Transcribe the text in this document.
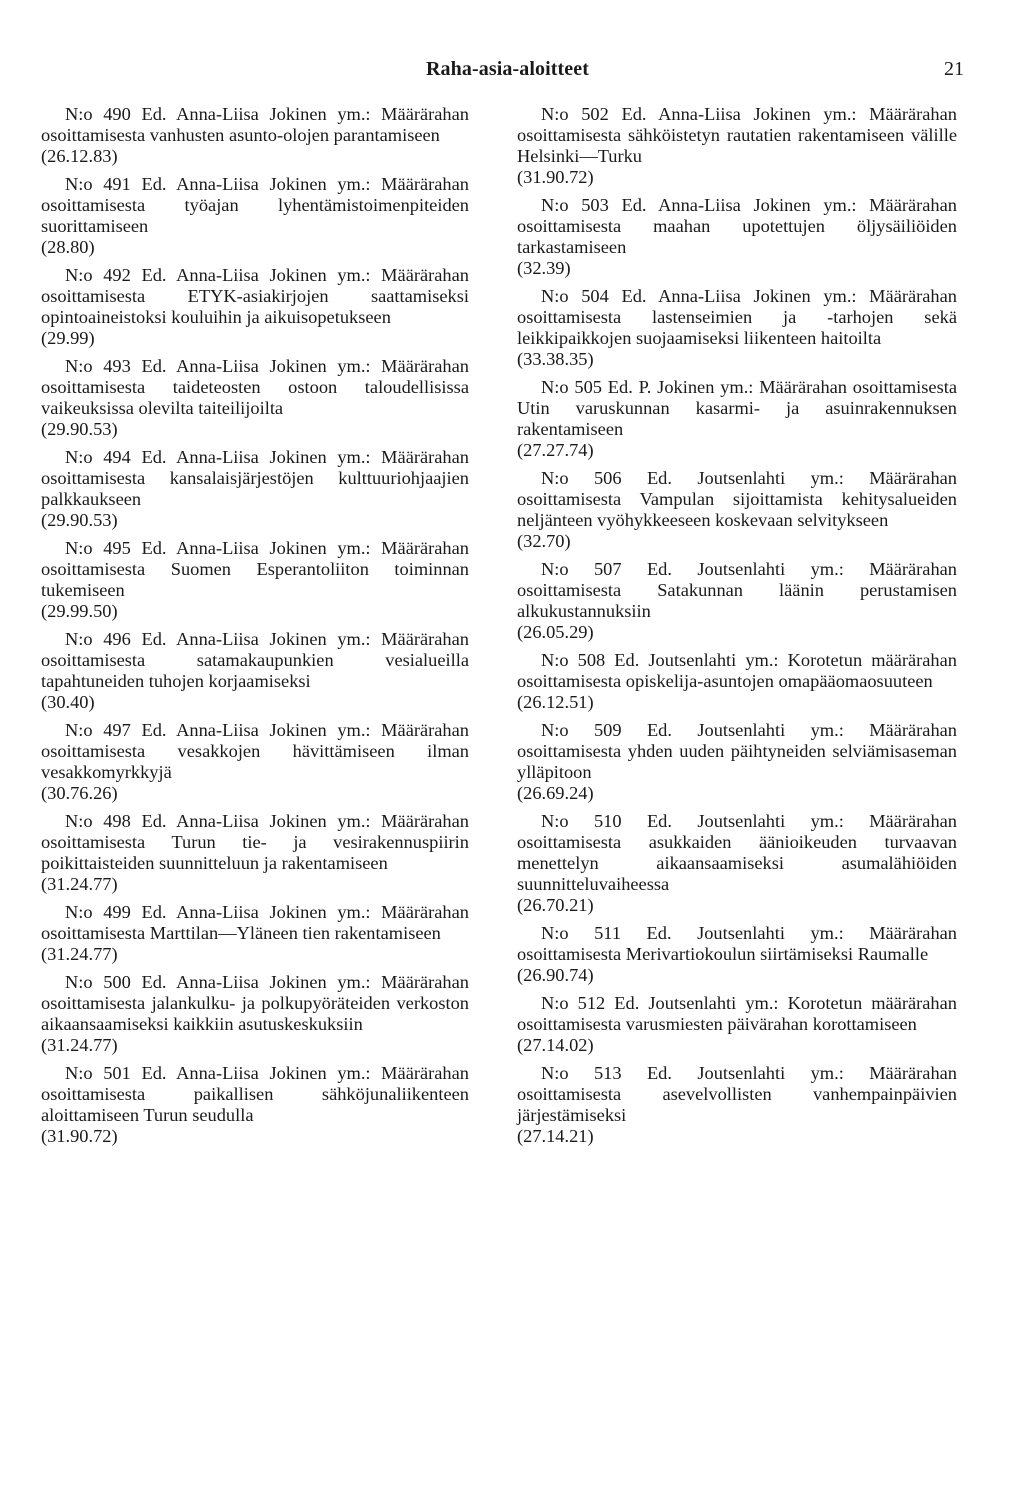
Raha-asia-aloitteet	21

N:o 490 Ed. Anna-Liisa Jokinen ym.: Määrärahan osoittamisesta vanhusten asunto-olojen parantamiseen

(26.12.83)

N:o 491 Ed. Anna-Liisa Jokinen ym.: Määrärahan osoittamisesta työajan lyhentämistoimenpiteiden suorittamiseen

(28.80)

N:o 492 Ed. Anna-Liisa Jokinen ym.: Määrärahan osoittamisesta ETYK-asiakirjojen saattamiseksi opintoaineistoksi kouluihin ja aikuisopetukseen

(29.99)

N:o 493 Ed. Anna-Liisa Jokinen ym.: Määrärahan osoittamisesta taideteosten ostoon taloudellisissa vaikeuksissa olevilta taiteilijoilta

(29.90.53)

N:o 494 Ed. Anna-Liisa Jokinen ym.: Määrärahan osoittamisesta kansalaisjärjestöjen kulttuuriohjaajien palkkaukseen

(29.90.53)

N:o 495 Ed. Anna-Liisa Jokinen ym.: Määrärahan osoittamisesta Suomen Esperantoliiton toiminnan tukemiseen

(29.99.50)

N:o 496 Ed. Anna-Liisa Jokinen ym.: Määrärahan osoittamisesta satamakaupunkien vesialueilla tapahtuneiden tuhojen korjaamiseksi

(30.40)

N:o 497 Ed. Anna-Liisa Jokinen ym.: Määrärahan osoittamisesta vesakkojen hävittämiseen ilman vesakkomyrkkyjä

(30.76.26)

N:o 498 Ed. Anna-Liisa Jokinen ym.: Määrärahan osoittamisesta Turun tie- ja vesirakennuspiirin poikittaisteiden suunnitteluun ja rakentamiseen

(31.24.77)

N:o 499 Ed. Anna-Liisa Jokinen ym.: Määrärahan osoittamisesta Marttilan—Yläneen tien rakentamiseen

(31.24.77)

N:o 500 Ed. Anna-Liisa Jokinen ym.: Määrärahan osoittamisesta jalankulku- ja polkupyöräteiden verkoston aikaansaamiseksi kaikkiin asutuskeskuksiin

(31.24.77)

N:o 501 Ed. Anna-Liisa Jokinen ym.: Määrärahan osoittamisesta paikallisen sähköjunaliikenteen aloittamiseen Turun seudulla

(31.90.72)

N:o 502 Ed. Anna-Liisa Jokinen ym.: Määrärahan osoittamisesta sähköistetyn rautatien rakentamiseen välille Helsinki—Turku

(31.90.72)

N:o 503 Ed. Anna-Liisa Jokinen ym.: Määrärahan osoittamisesta maahan upotettujen öljysäiliöiden tarkastamiseen

(32.39)

N:o 504 Ed. Anna-Liisa Jokinen ym.: Määrärahan osoittamisesta lastenseimien ja -tarhojen sekä leikkipaikkojen suojaamiseksi liikenteen haitoilta

(33.38.35)

N:o 505 Ed. P. Jokinen ym.: Määrärahan osoittamisesta Utin varuskunnan kasarmi- ja asuinrakennuksen rakentamiseen

(27.27.74)

N:o 506 Ed. Joutsenlahti ym.: Määrärahan osoittamisesta Vampulan sijoittamista kehitysalueiden neljänteen vyöhykkeeseen koskevaan selvitykseen

(32.70)

N:o 507 Ed. Joutsenlahti ym.: Määrärahan osoittamisesta Satakunnan läänin perustamisen alkukustannuksiin

(26.05.29)

N:o 508 Ed. Joutsenlahti ym.: Korotetun määrärahan osoittamisesta opiskelija-asuntojen omapääomaosuuteen

(26.12.51)

N:o 509 Ed. Joutsenlahti ym.: Määrärahan osoittamisesta yhden uuden päihtyneiden selviämisaseman ylläpitoon

(26.69.24)

N:o 510 Ed. Joutsenlahti ym.: Määrärahan osoittamisesta asukkaiden äänioikeuden turvaavan menettelyn aikaansaamiseksi asumalähiöiden suunnitteluvaiheessa

(26.70.21)

N:o 511 Ed. Joutsenlahti ym.: Määrärahan osoittamisesta Merivartiokoulun siirtämiseksi Raumalle

(26.90.74)

N:o 512 Ed. Joutsenlahti ym.: Korotetun määrärahan osoittamisesta varusmiesten päivärahan korottamiseen

(27.14.02)

N:o 513 Ed. Joutsenlahti ym.: Määrärahan osoittamisesta asevelvollisten vanhempainpäivien järjestämiseksi

(27.14.21)
